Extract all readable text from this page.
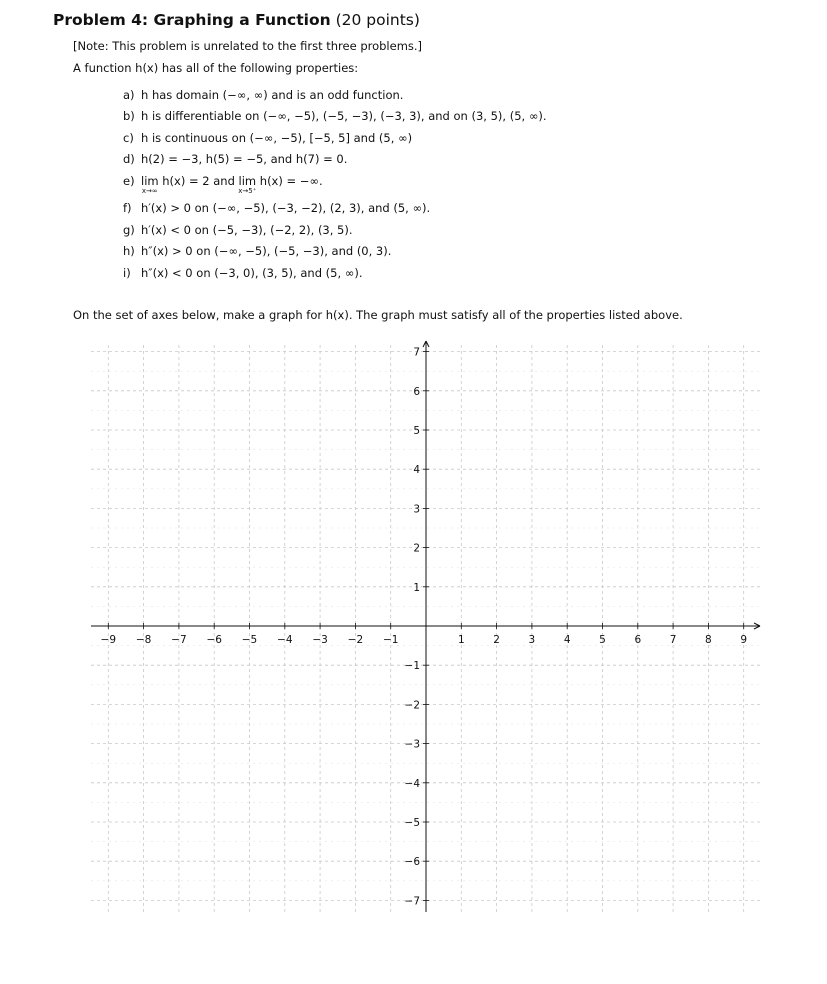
Problem 4: Graphing a Function (20 points)
[Note: This problem is unrelated to the first three problems.]
A function h(x) has all of the following properties:
a) h has domain (−∞, ∞) and is an odd function.
b) h is differentiable on (−∞, −5), (−5, −3), (−3, 3), and on (3, 5), (5, ∞).
c) h is continuous on (−∞, −5), [−5, 5] and (5, ∞)
d) h(2) = −3, h(5) = −5, and h(7) = 0.
e) lim
x→∞
h(x) = 2 and lim
x→5⁺
h(x) = −∞.
f) h′(x) > 0 on (−∞, −5), (−3, −2), (2, 3), and (5, ∞).
g) h′(x) < 0 on (−5, −3), (−2, 2), (3, 5).
h) h″(x) > 0 on (−∞, −5), (−5, −3), and (0, 3).
i) h″(x) < 0 on (−3, 0), (3, 5), and (5, ∞).
On the set of axes below, make a graph for h(x). The graph must satisfy all of the properties listed above.
−9 −8 −7 −6 −5 −4 −3 −2 −1	1	2	3	4	5	6	7	8	9
7
6
5
4
3
2
1
−1
−2
−3
−4
−5
−6
−7
